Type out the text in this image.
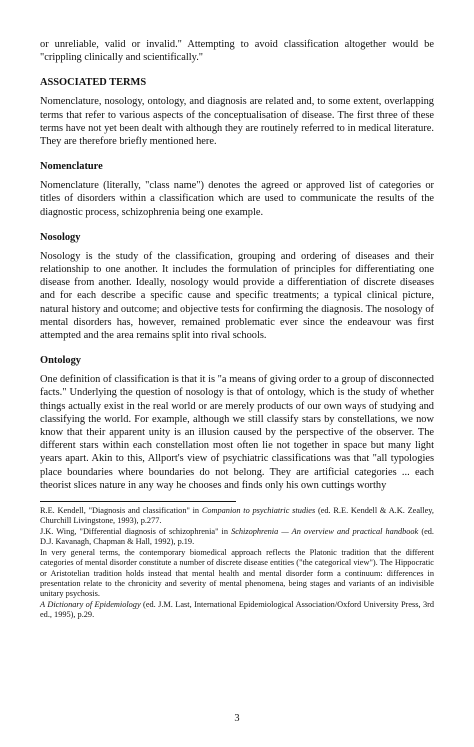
or unreliable, valid or invalid." Attempting to avoid classification altogether would be "crippling clinically and scientifically."

ASSOCIATED TERMS

Nomenclature, nosology, ontology, and diagnosis are related and, to some extent, overlapping terms that refer to various aspects of the conceptualisation of disease. The first three of these terms have not yet been dealt with although they are routinely referred to in medical literature. They are therefore briefly mentioned here.

Nomenclature

Nomenclature (literally, "class name") denotes the agreed or approved list of categories or titles of disorders within a classification which are used to communicate the results of the diagnostic process, schizophrenia being one example.

Nosology

Nosology is the study of the classification, grouping and ordering of diseases and their relationship to one another. It includes the formulation of principles for differentiating one disease from another. Ideally, nosology would provide a differentiation of discrete diseases and for each describe a specific cause and specific treatments; a typical clinical picture, natural history and outcome; and objective tests for confirming the diagnosis. The nosology of mental disorders has, however, remained problematic ever since the endeavour was first attempted and the area remains split into rival schools.

Ontology

One definition of classification is that it is "a means of giving order to a group of disconnected facts." Underlying the question of nosology is that of ontology, which is the study of whether things actually exist in the real world or are merely products of our own ways of studying and classifying the world. For example, although we still classify stars by constellations, we now know that their apparent unity is an illusion caused by the perspective of the observer. The different stars within each constellation most often lie not together in space but many light years apart. Akin to this, Allport's view of psychiatric classifications was that "all typologies place boundaries where boundaries do not belong. They are artificial categories ... each theorist slices nature in any way he chooses and finds only his own cuttings worthy

R.E. Kendell, "Diagnosis and classification" in Companion to psychiatric studies (ed. R.E. Kendell & A.K. Zealley, Churchill Livingstone, 1993), p.277.

J.K. Wing, "Differential diagnosis of schizophrenia" in Schizophrenia — An overview and practical handbook (ed. D.J. Kavanagh, Chapman & Hall, 1992), p.19.

In very general terms, the contemporary biomedical approach reflects the Platonic tradition that the different categories of mental disorder constitute a number of discrete disease entities ("the categorical view"). The Hippocratic or Aristotelian tradition holds instead that mental health and mental disorder form a continuum: differences in presentation relate to the chronicity and severity of mental phenomena, being stages and variants of an indivisible unitary psychosis.

A Dictionary of Epidemiology (ed. J.M. Last, International Epidemiological Association/Oxford University Press, 3rd ed., 1995), p.29.

3
